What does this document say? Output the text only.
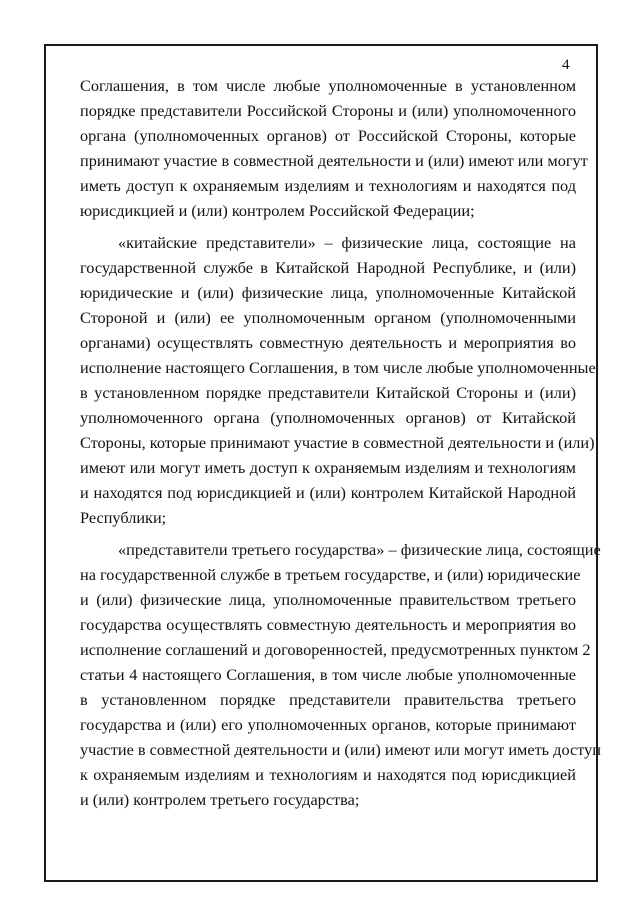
4
Соглашения, в том числе любые уполномоченные в установленном
порядке представители Российской Стороны и (или) уполномоченного
органа (уполномоченных органов) от Российской Стороны, которые
принимают участие в совместной деятельности и (или) имеют или могут
иметь доступ к охраняемым изделиям и технологиям и находятся под
юрисдикцией и (или) контролем Российской Федерации;
«китайские представители» – физические лица, состоящие на
государственной службе в Китайской Народной Республике, и (или)
юридические и (или) физические лица, уполномоченные Китайской
Стороной и (или) ее уполномоченным органом (уполномоченными
органами) осуществлять совместную деятельность и мероприятия во
исполнение настоящего Соглашения, в том числе любые уполномоченные
в установленном порядке представители Китайской Стороны и (или)
уполномоченного органа (уполномоченных органов) от Китайской
Стороны, которые принимают участие в совместной деятельности и (или)
имеют или могут иметь доступ к охраняемым изделиям и технологиям
и находятся под юрисдикцией и (или) контролем Китайской Народной
Республики;
«представители третьего государства» – физические лица, состоящие
на государственной службе в третьем государстве, и (или) юридические
и (или) физические лица, уполномоченные правительством третьего
государства осуществлять совместную деятельность и мероприятия во
исполнение соглашений и договоренностей, предусмотренных пунктом 2
статьи 4 настоящего Соглашения, в том числе любые уполномоченные
в установленном порядке представители правительства третьего
государства и (или) его уполномоченных органов, которые принимают
участие в совместной деятельности и (или) имеют или могут иметь доступ
к охраняемым изделиям и технологиям и находятся под юрисдикцией
и (или) контролем третьего государства;
